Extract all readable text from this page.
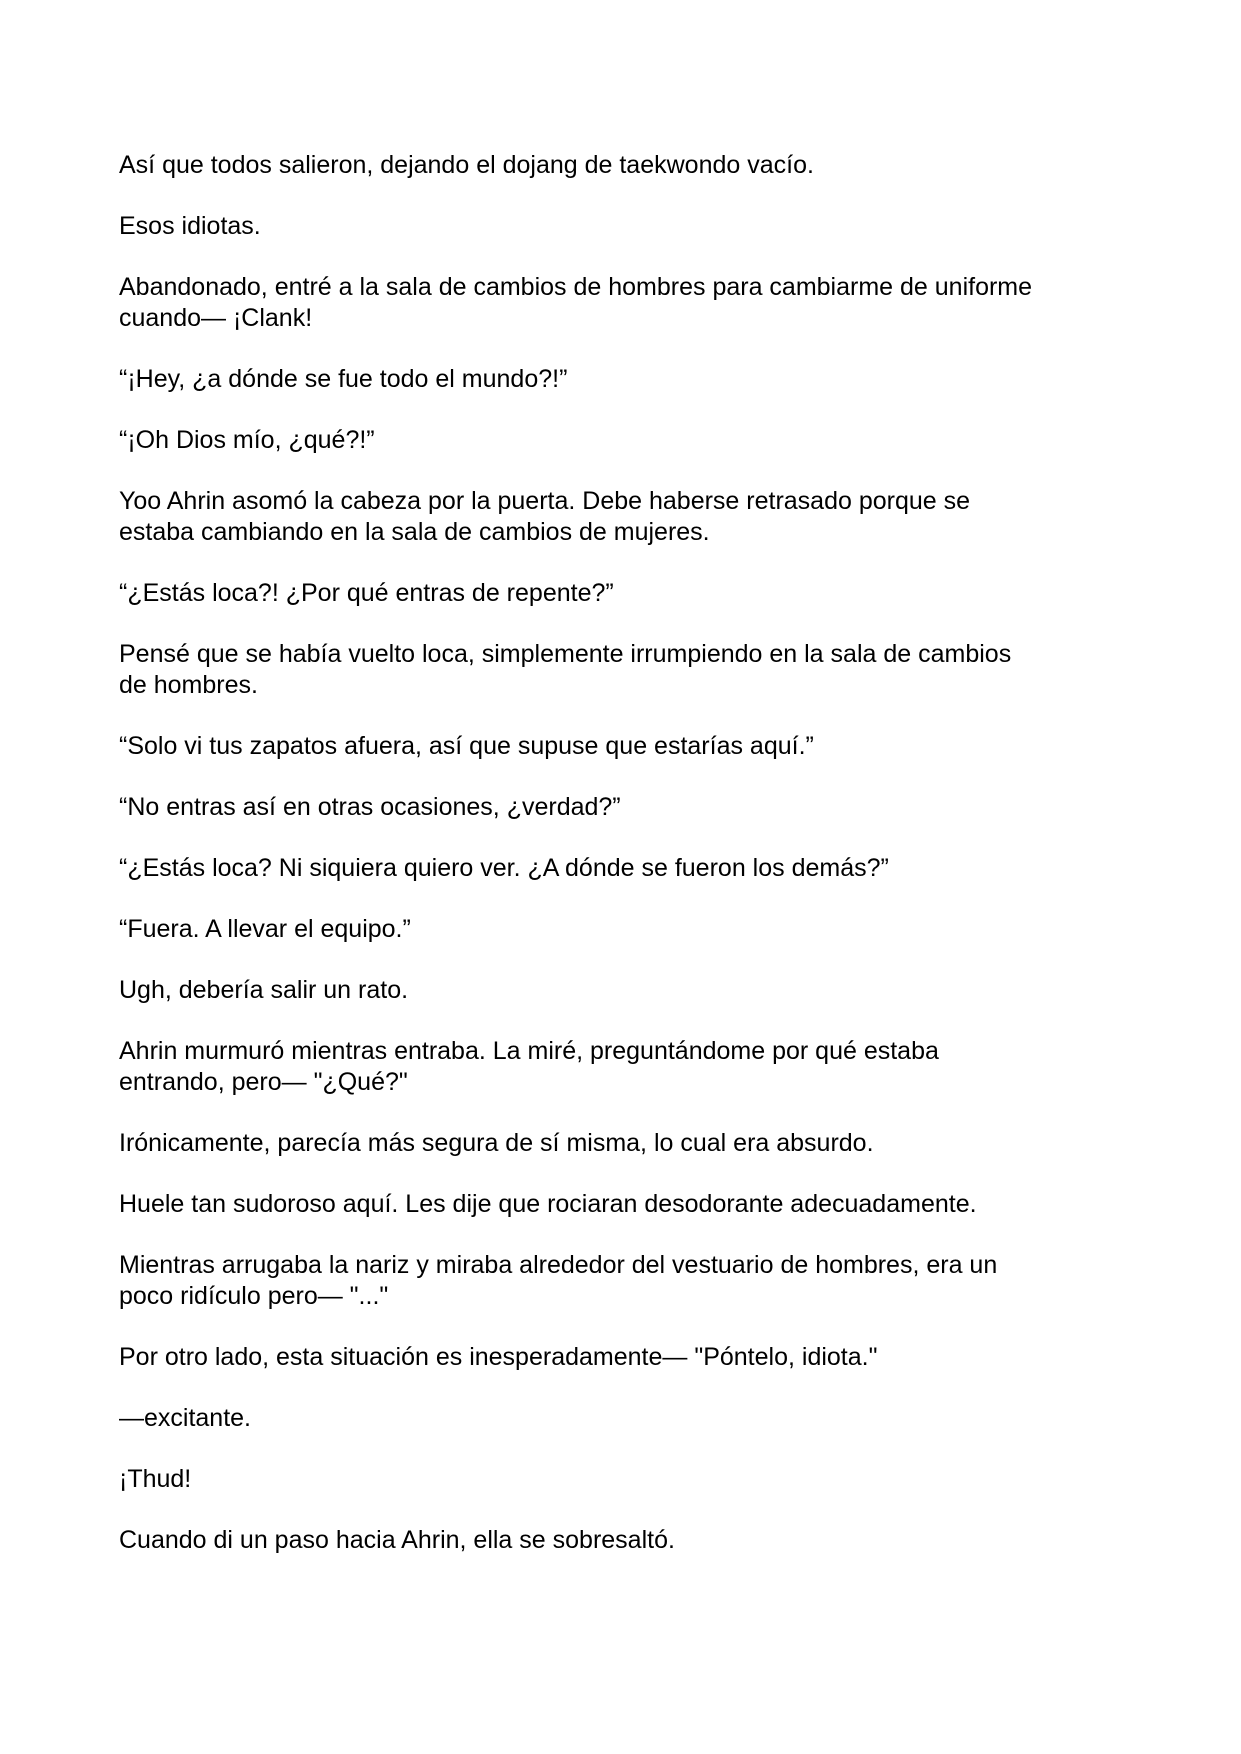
Así que todos salieron, dejando el dojang de taekwondo vacío.

Esos idiotas.

Abandonado, entré a la sala de cambios de hombres para cambiarme de uniforme
cuando— ¡Clank!

“¡Hey, ¿a dónde se fue todo el mundo?!”

“¡Oh Dios mío, ¿qué?!”

Yoo Ahrin asomó la cabeza por la puerta. Debe haberse retrasado porque se
estaba cambiando en la sala de cambios de mujeres.

“¿Estás loca?! ¿Por qué entras de repente?”

Pensé que se había vuelto loca, simplemente irrumpiendo en la sala de cambios
de hombres.

“Solo vi tus zapatos afuera, así que supuse que estarías aquí.”

“No entras así en otras ocasiones, ¿verdad?”

“¿Estás loca? Ni siquiera quiero ver. ¿A dónde se fueron los demás?”

“Fuera. A llevar el equipo.”

Ugh, debería salir un rato.

Ahrin murmuró mientras entraba. La miré, preguntándome por qué estaba
entrando, pero— "¿Qué?"

Irónicamente, parecía más segura de sí misma, lo cual era absurdo.

Huele tan sudoroso aquí. Les dije que rociaran desodorante adecuadamente.

Mientras arrugaba la nariz y miraba alrededor del vestuario de hombres, era un
poco ridículo pero— "..."

Por otro lado, esta situación es inesperadamente— "Póntelo, idiota."

—excitante.

¡Thud!

Cuando di un paso hacia Ahrin, ella se sobresaltó.
